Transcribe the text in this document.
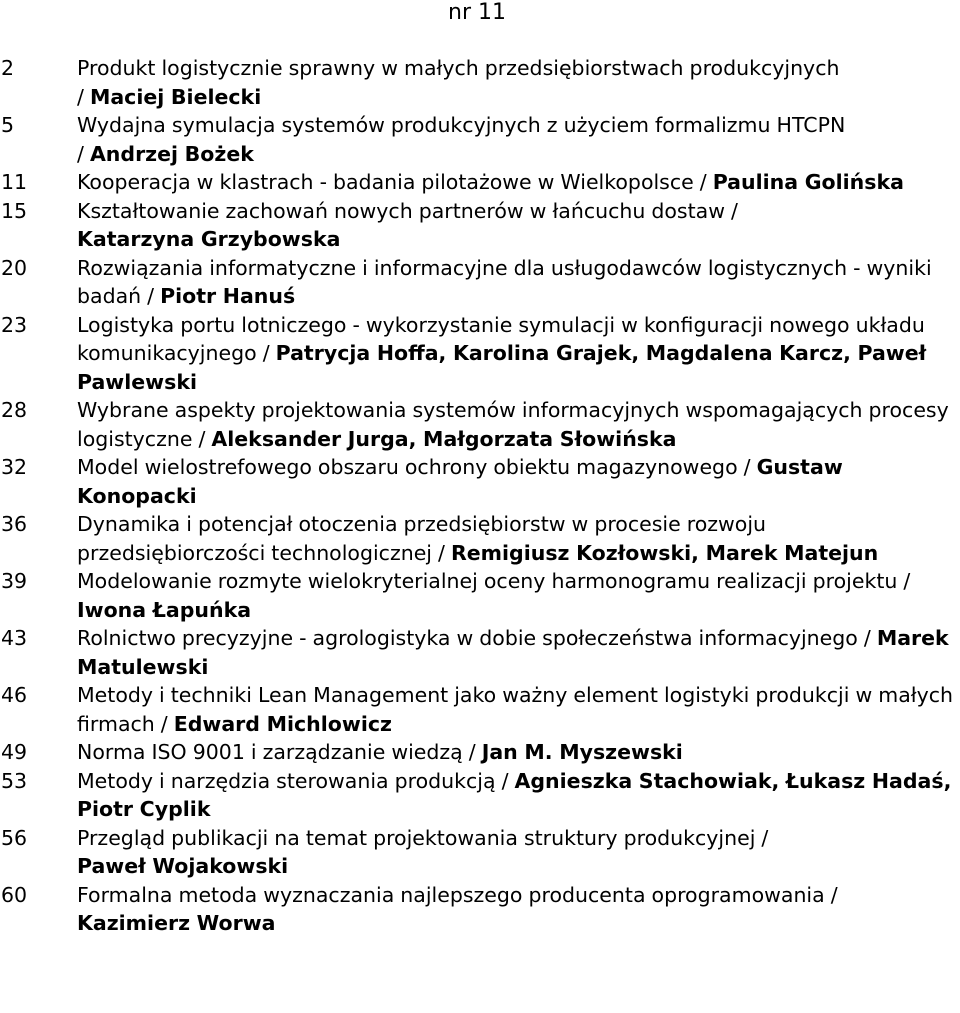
nr 11
2	Produkt logistycznie sprawny w małych przedsiębiorstwach produkcyjnych
/ Maciej Bielecki
5	Wydajna symulacja systemów produkcyjnych z użyciem formalizmu HTCPN
/ Andrzej Bożek
11 Kooperacja w klastrach - badania pilotażowe w Wielkopolsce / Paulina Golińska
15 Kształtowanie zachowań nowych partnerów w łańcuchu dostaw /
Katarzyna Grzybowska
20 Rozwiązania informatyczne i informacyjne dla usługodawców logistycznych - wyniki badań / Piotr Hanuś
23 Logistyka portu lotniczego - wykorzystanie symulacji w konfiguracji nowego układu komunikacyjnego / Patrycja Hoffa, Karolina Grajek, Magdalena Karcz, Paweł Pawlewski
28 Wybrane aspekty projektowania systemów informacyjnych wspomagających procesy logistyczne / Aleksander Jurga, Małgorzata Słowińska
32 Model wielostrefowego obszaru ochrony obiektu magazynowego / Gustaw Konopacki
36 Dynamika i potencjał otoczenia przedsiębiorstw w procesie rozwoju przedsiębiorczości technologicznej / Remigiusz Kozłowski, Marek Matejun
39 Modelowanie rozmyte wielokryterialnej oceny harmonogramu realizacji projektu / Iwona Łapuńka
43 Rolnictwo precyzyjne - agrologistyka w dobie społeczeństwa informacyjnego / Marek Matulewski
46 Metody i techniki Lean Management jako ważny element logistyki produkcji w małych firmach / Edward Michlowicz
49 Norma ISO 9001 i zarządzanie wiedzą / Jan M. Myszewski
53 Metody i narzędzia sterowania produkcją / Agnieszka Stachowiak, Łukasz Hadaś, Piotr Cyplik
56 Przegląd publikacji na temat projektowania struktury produkcyjnej /
Paweł Wojakowski
60 Formalna metoda wyznaczania najlepszego producenta oprogramowania /
Kazimierz Worwa
